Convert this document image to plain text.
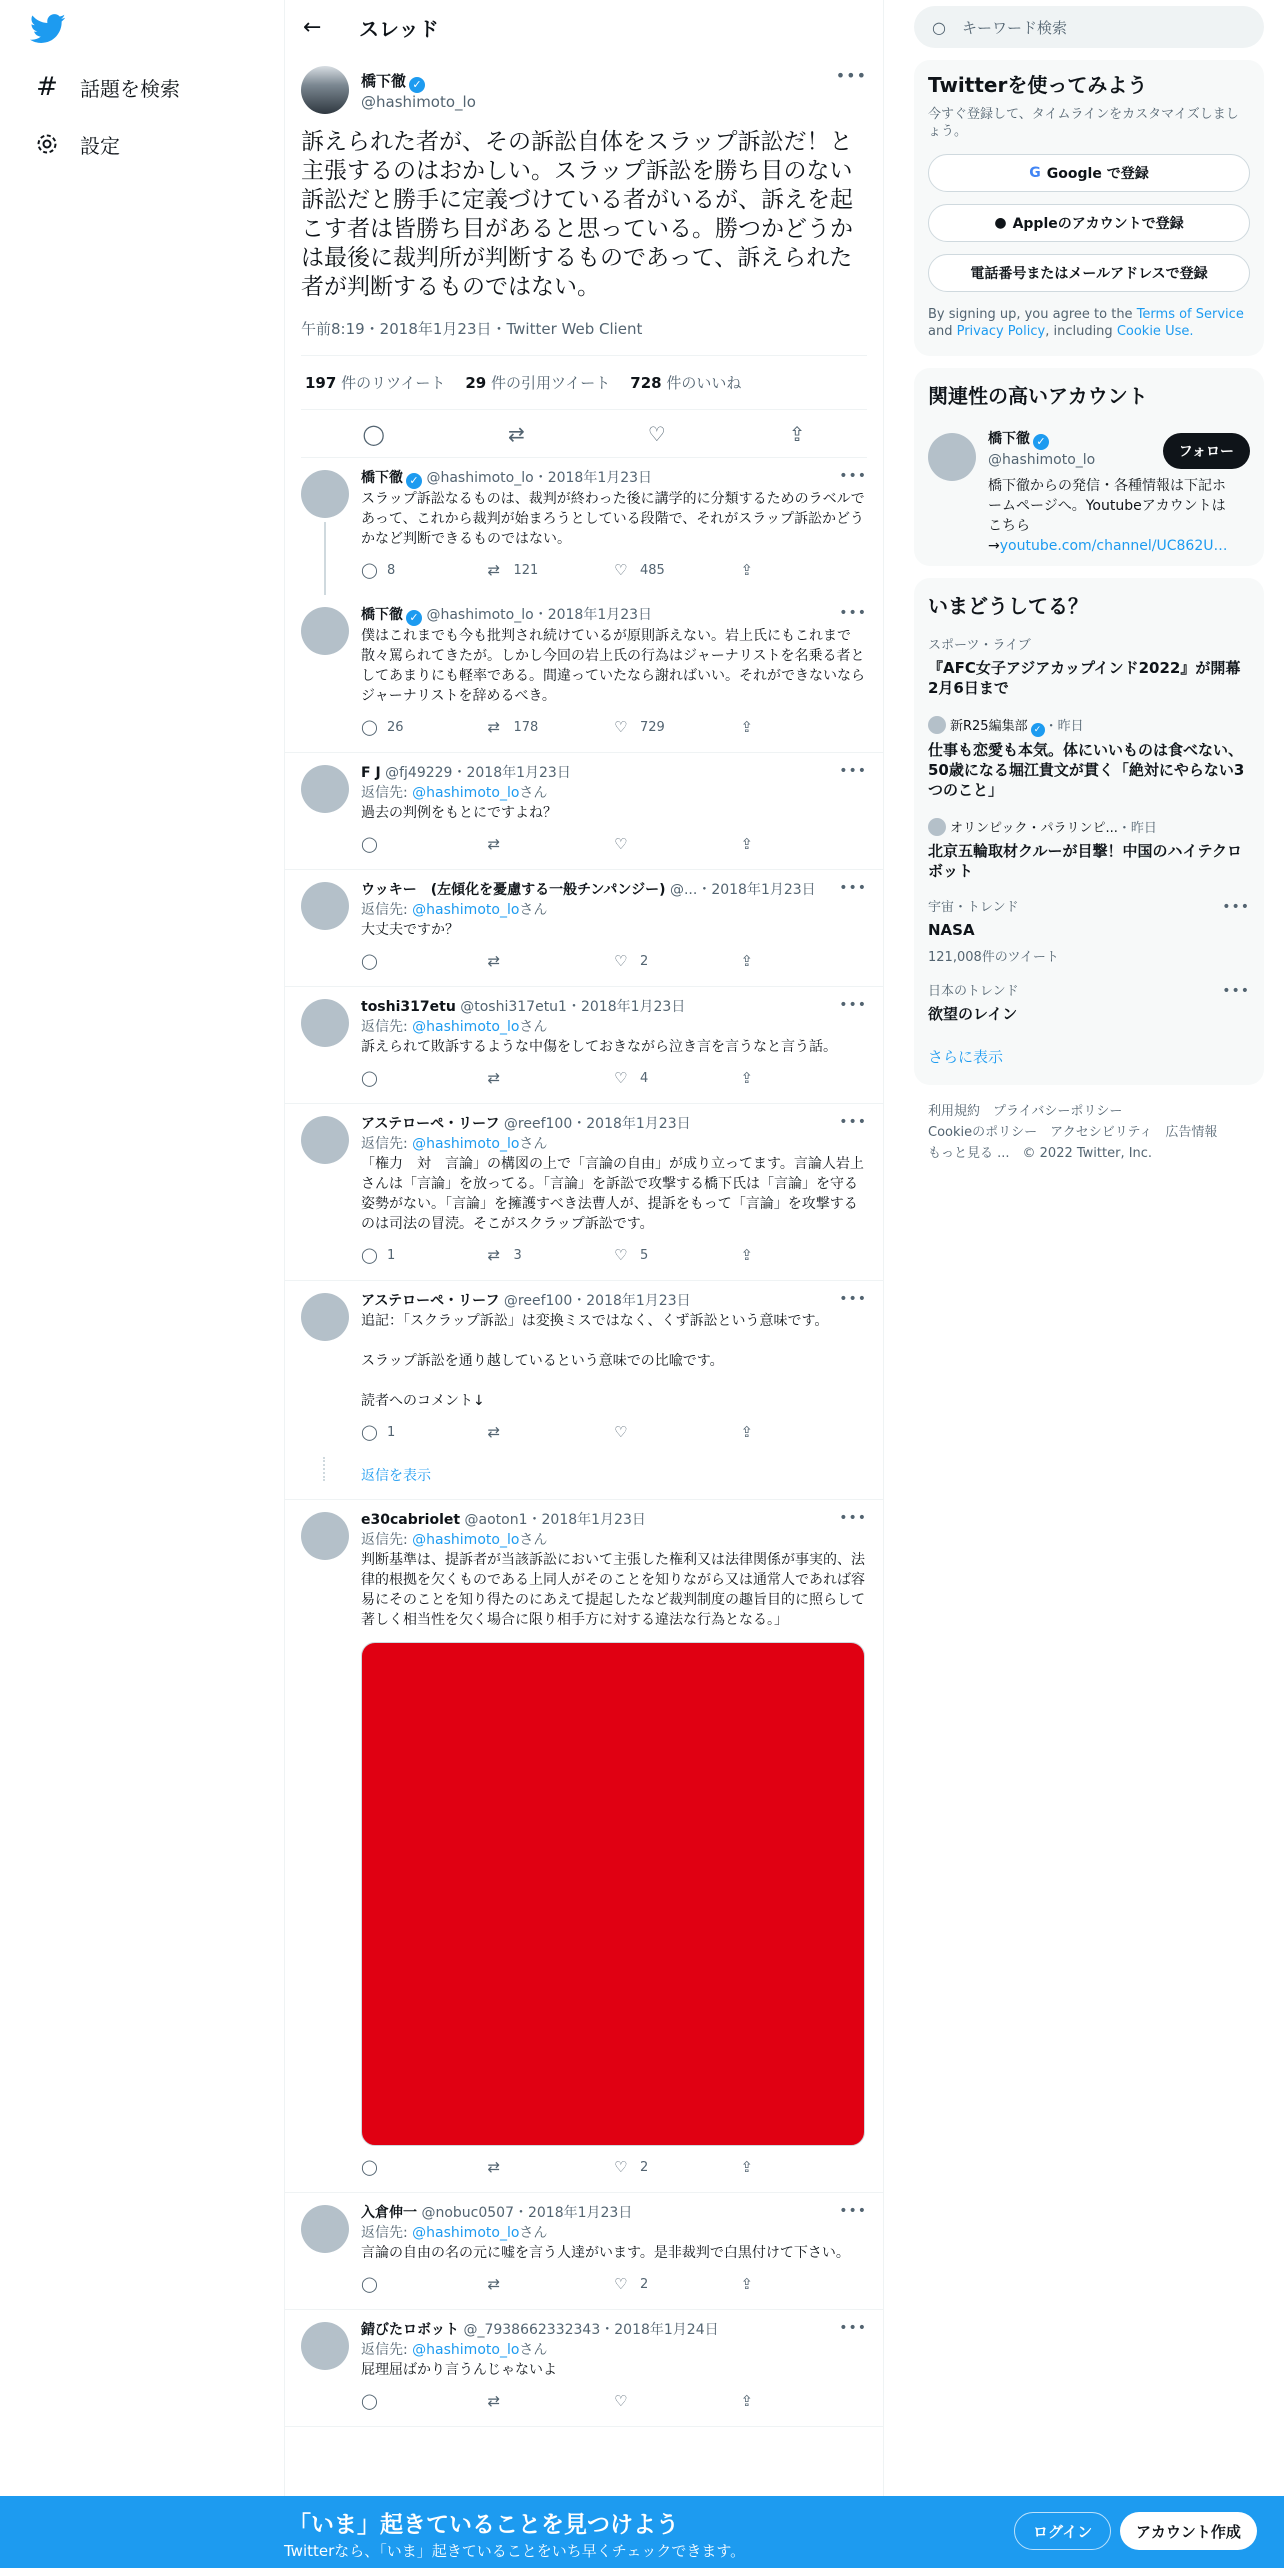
# 話題を検索
設定
←	スレッド
橋下徹 ✓
@hashimoto_lo
•••
訴えられた者が、その訴訟自体をスラップ訴訟だ！と主張するのはおかしい。スラップ訴訟を勝ち目のない訴訟だと勝手に定義づけている者がいるが、訴えを起こす者は皆勝ち目があると思っている。勝つかどうかは最後に裁判所が判断するものであって、訴えられた者が判断するものではない。
午前8:19・2018年1月23日・Twitter Web Client
197 件のリツイート 29 件の引用ツイート 728 件のいいね
◯	⇄	♡	⇪
橋下徹 ✓ @hashimoto_lo・2018年1月23日	•••
スラップ訴訟なるものは、裁判が終わった後に講学的に分類するためのラベルであって、これから裁判が始まろうとしている段階で、それがスラップ訴訟かどうかなど判断できるものではない。
◯ 8	⇄	121	♡ 485	⇪
橋下徹 ✓ @hashimoto_lo・2018年1月23日	•••
僕はこれまでも今も批判され続けているが原則訴えない。岩上氏にもこれまで散々罵られてきたが。しかし今回の岩上氏の行為はジャーナリストを名乗る者としてあまりにも軽率である。間違っていたなら謝ればいい。それができないならジャーナリストを辞めるべき。
◯ 26	⇄	178	♡ 729	⇪
F J @fj49229・2018年1月23日	•••
返信先: @hashimoto_loさん
過去の判例をもとにですよね？
◯	⇄	♡	⇪
ウッキー　(左傾化を憂慮する一般チンパンジー) @...・2018年1月23日	•••
返信先: @hashimoto_loさん
大丈夫ですか？
◯	⇄	♡ 2	⇪
toshi317etu @toshi317etu1・2018年1月23日	•••
返信先: @hashimoto_loさん
訴えられて敗訴するような中傷をしておきながら泣き言を言うなと言う話。
◯	⇄	♡ 4	⇪
アステローペ・リーフ @reef100・2018年1月23日	•••
返信先: @hashimoto_loさん
「権力　対　言論」の構図の上で「言論の自由」が成り立ってます。言論人岩上さんは「言論」を放ってる。「言論」を訴訟で攻撃する橋下氏は「言論」を守る姿勢がない。「言論」を擁護すべき法曹人が、提訴をもって「言論」を攻撃するのは司法の冒涜。そこがスクラップ訴訟です。
◯ 1	⇄	3	♡ 5	⇪
アステローペ・リーフ @reef100・2018年1月23日	•••
追記：「スクラップ訴訟」は変換ミスではなく、くず訴訟という意味です。

スラップ訴訟を通り越しているという意味での比喩です。

読者へのコメント↓
◯ 1	⇄	♡	⇪
返信を表示
e30cabriolet @aoton1・2018年1月23日	•••
返信先: @hashimoto_loさん
判断基準は、提訴者が当該訴訟において主張した権利又は法律関係が事実的、法律的根拠を欠くものである上同人がそのことを知りながら又は通常人であれば容易にそのことを知り得たのにあえて提起したなど裁判制度の趣旨目的に照らして著しく相当性を欠く場合に限り相手方に対する違法な行為となる。」
◯	⇄	♡ 2	⇪
入倉伸一 @nobuc0507・2018年1月23日	•••
返信先: @hashimoto_loさん
言論の自由の名の元に嘘を言う人達がいます。是非裁判で白黒付けて下さい。
◯	⇄	♡ 2	⇪
錆びたロボット @_7938662332343・2018年1月24日	•••
返信先: @hashimoto_loさん
屁理屈ばかり言うんじゃないよ
◯	⇄	♡	⇪
○ キーワード検索
Twitterを使ってみよう
今すぐ登録して、タイムラインをカスタマイズしましょう。
G Google で登録
● Appleのアカウントで登録
電話番号またはメールアドレスで登録
By signing up, you agree to the Terms of Service and Privacy Policy, including Cookie Use.
関連性の高いアカウント
橋下徹 ✓
@hashimoto_lo
橋下徹からの発信・各種情報は下記ホームページへ。Youtubeアカウントはこちら →youtube.com/channel/UC862U…
フォロー
いまどうしてる？
スポーツ・ライブ
『AFC女子アジアカップインド2022』が開幕 2月6日まで
新R25編集部 ✓ ・昨日
仕事も恋愛も本気。体にいいものは食べない、50歳になる堀江貴文が貫く「絶対にやらない3つのこと」
オリンピック・パラリンピ...・昨日
北京五輪取材クルーが目撃！中国のハイテクロボット
宇宙・トレンド
NASA
121,008件のツイート
•••
日本のトレンド
欲望のレイン
•••
さらに表示
利用規約　プライバシーポリシー
Cookieのポリシー　アクセシビリティ　広告情報
もっと見る ...　© 2022 Twitter, Inc.
「いま」起きていることを見つけよう
Twitterなら、「いま」起きていることをいち早くチェックできます。
ログイン	アカウント作成
